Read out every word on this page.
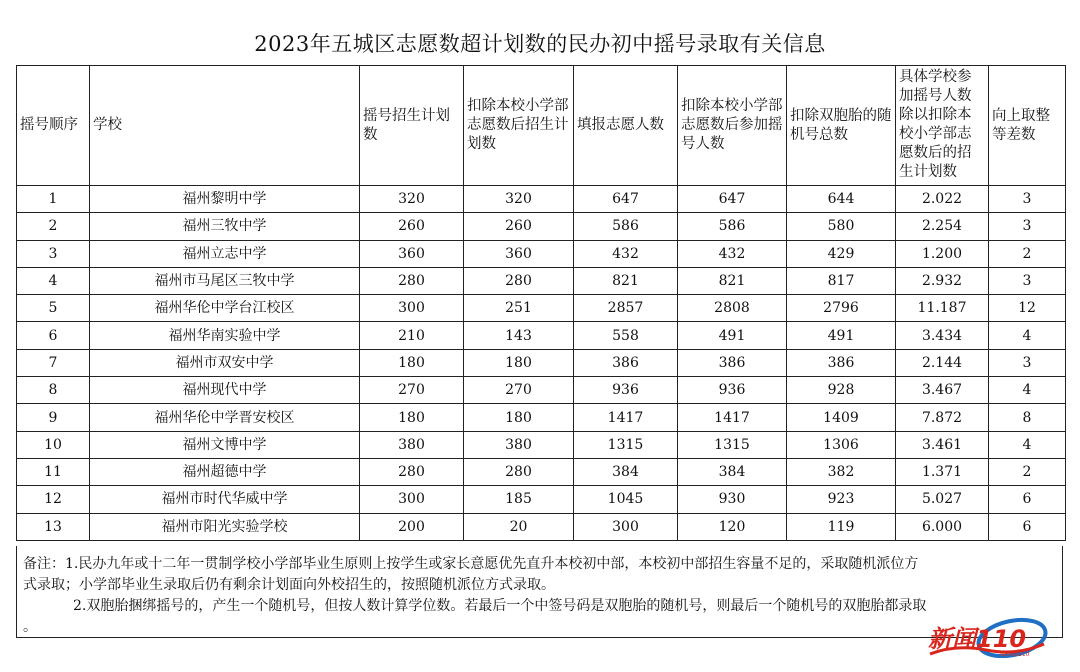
2023年五城区志愿数超计划数的民办初中摇号录取有关信息
摇号顺序	学校	摇号招生计划数	扣除本校小学部志愿数后招生计划数	填报志愿人数	扣除本校小学部志愿数后参加摇号人数	扣除双胞胎的随机号总数	具体学校参加摇号人数除以扣除本校小学部志愿数后的招生计划数	向上取整等差数
1	福州黎明中学	320	320	647	647	644	2.022	3
2	福州三牧中学	260	260	586	586	580	2.254	3
3	福州立志中学	360	360	432	432	429	1.200	2
4	福州市马尾区三牧中学	280	280	821	821	817	2.932	3
5	福州华伦中学台江校区	300	251	2857	2808	2796	11.187	12
6	福州华南实验中学	210	143	558	491	491	3.434	4
7	福州市双安中学	180	180	386	386	386	2.144	3
8	福州现代中学	270	270	936	936	928	3.467	4
9	福州华伦中学晋安校区	180	180	1417	1417	1409	7.872	8
10	福州文博中学	380	380	1315	1315	1306	3.461	4
11	福州超德中学	280	280	384	384	382	1.371	2
12	福州市时代华威中学	300	185	1045	930	923	5.027	6
13	福州市阳光实验学校	200	20	300	120	119	6.000	6
备注：1.民办九年或十二年一贯制学校小学部毕业生原则上按学生或家长意愿优先直升本校初中部，本校初中部招生容量不足的，采取随机派位方
式录取；小学部毕业生录取后仍有剩余计划面向外校招生的，按照随机派位方式录取。
2.双胞胎捆绑摇号的，产生一个随机号，但按人数计算学位数。若最后一个中签号码是双胞胎的随机号，则最后一个随机号的双胞胎都录取
。	新闻110
NEWS110
